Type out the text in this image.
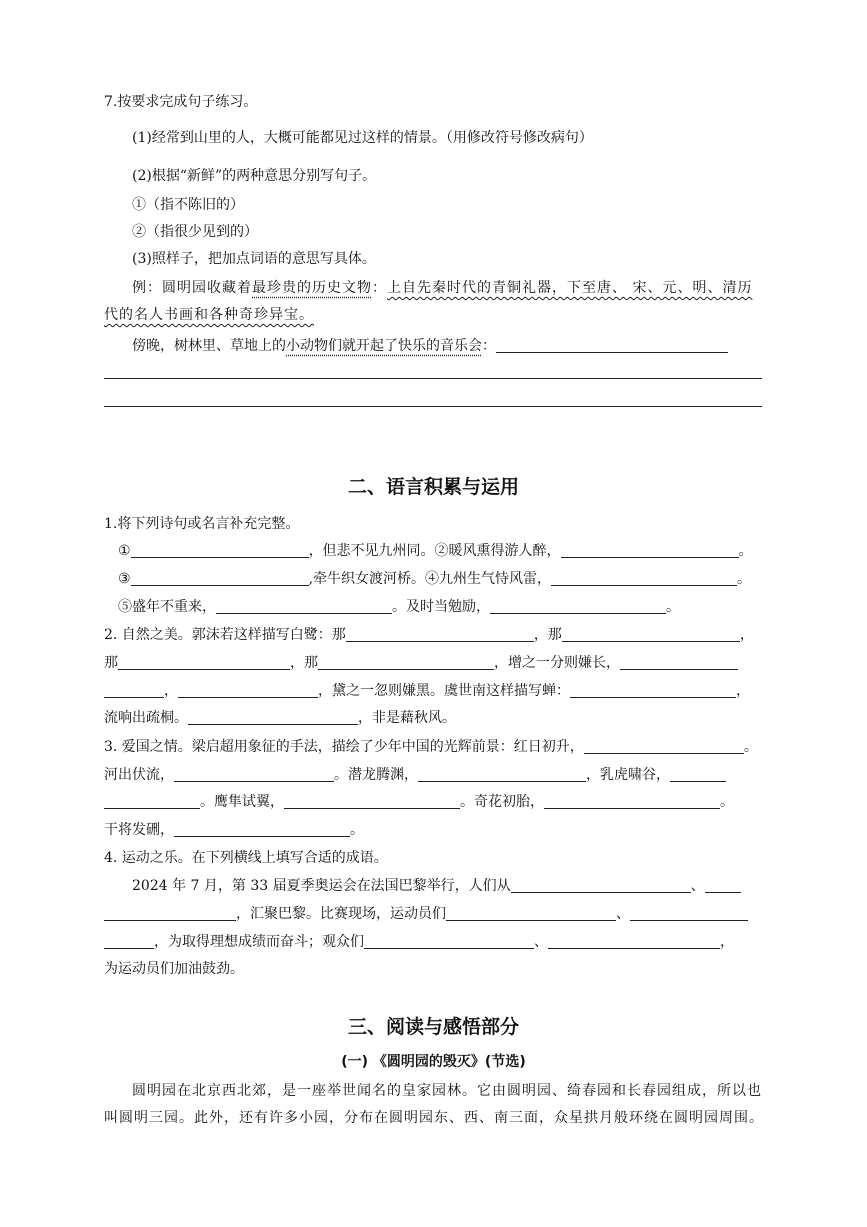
7.按要求完成句子练习。
(1)经常到山里的人，大概可能都见过这样的情景。（用修改符号修改病句）
(2)根据“新鲜”的两种意思分别写句子。
①（指不陈旧的）
②（指很少见到的）
(3)照样子，把加点词语的意思写具体。
例：圆明园收藏着最珍贵的历史文物：上自先秦时代的青铜礼器，下至唐、 宋、元、明、清历
代的名人书画和各种奇珍异宝。
傍晚，树林里、草地上的小动物们就开起了快乐的音乐会：
二、语言积累与运用
1.将下列诗句或名言补充完整。
①	，但悲不见九州同。②暖风熏得游人醉，	。
③	,牵牛织女渡河桥。④九州生气恃风雷，	。
⑤盛年不重来，	。及时当勉励，	。
2. 自然之美。郭沫若这样描写白鹭：那	，那	，
那	，那	，增之一分则嫌长，
，	，黛之一忽则嫌黑。虞世南这样描写蝉：	，
流响出疏桐。	，非是藉秋风。
3. 爱国之情。梁启超用象征的手法，描绘了少年中国的光辉前景：红日初升，	。
河出伏流，	。潜龙腾渊，	，乳虎啸谷，
。鹰隼试翼，	。奇花初胎，	。
干将发硎，	。
4. 运动之乐。在下列横线上填写合适的成语。
2024 年 7 月，第 33 届夏季奥运会在法国巴黎举行，人们从	、
，汇聚巴黎。比赛现场，运动员们	、
，为取得理想成绩而奋斗；观众们	、	，
为运动员们加油鼓劲。
三、阅读与感悟部分
(一) 《圆明园的毁灭》(节选)
圆明园在北京西北郊，是一座举世闻名的皇家园林。它由圆明园、绮春园和长春园组成，所以也
叫圆明三园。此外，还有许多小园，分布在圆明园东、西、南三面，众星拱月般环绕在圆明园周围。
